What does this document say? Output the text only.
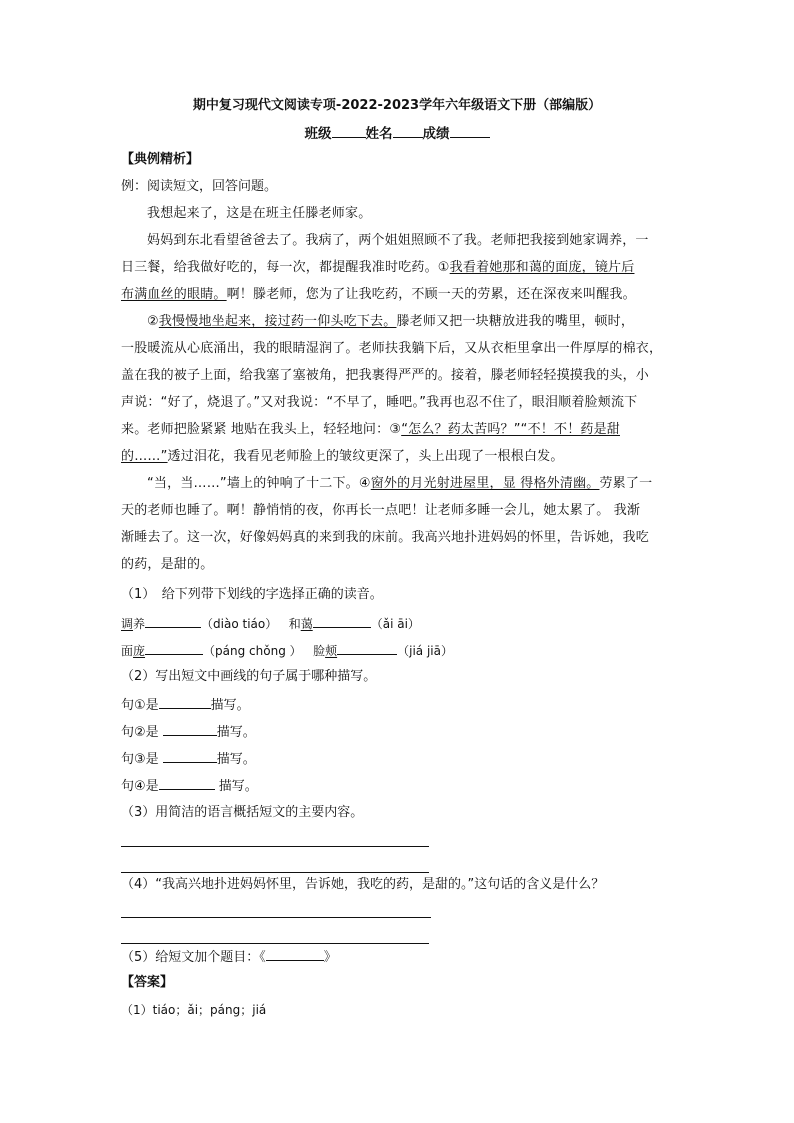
期中复习现代文阅读专项-2022-2023学年六年级语文下册（部编版）
班级	姓名 成绩
【典例精析】
例：阅读短文，回答问题。
我想起来了，这是在班主任滕老师家。
妈妈到东北看望爸爸去了。我病了，两个姐姐照顾不了我。老师把我接到她家调养，一
日三餐，给我做好吃的，每一次，都提醒我准时吃药。①我看着她那和蔼的面庞，镜片后
布满血丝的眼睛。啊！滕老师，您为了让我吃药，不顾一天的劳累，还在深夜来叫醒我。
②我慢慢地坐起来，接过药一仰头吃下去。滕老师又把一块糖放进我的嘴里，顿时，
一股暖流从心底涌出，我的眼睛湿润了。老师扶我躺下后，又从衣柜里拿出一件厚厚的棉衣，
盖在我的被子上面，给我塞了塞被角，把我裹得严严的。接着，滕老师轻轻摸摸我的头，小
声说：“好了，烧退了。”又对我说：“不早了，睡吧。”我再也忍不住了，眼泪顺着脸颊流下
来。老师把脸紧紧 地贴在我头上，轻轻地问：③“怎么？药太苦吗？”“不！不！药是甜
的……”透过泪花，我看见老师脸上的皱纹更深了，头上出现了一根根白发。
“当，当……”墙上的钟响了十二下。④窗外的月光射进屋里，显 得格外清幽。劳累了一
天的老师也睡了。啊！静悄悄的夜，你再长一点吧！让老师多睡一会儿，她太累了。 我渐
渐睡去了。这一次，好像妈妈真的来到我的床前。我高兴地扑进妈妈的怀里，告诉她，我吃
的药，是甜的。
（1）　给下列带下划线的字选择正确的读音。
调养	（diào tiáo） 和蔼	（ǎi āi）
面庞	（páng chǒng ） 脸颊	（jiá jiā）
（2）写出短文中画线的句子属于哪种描写。
句①是	描写。
句②是	描写。
句③是	描写。
句④是	描写。
（3）用简洁的语言概括短文的主要内容。
（4）“我高兴地扑进妈妈怀里，告诉她，我吃的药，是甜的。”这句话的含义是什么？
（5）给短文加个题目：《	》
【答案】
（1）tiáo；ǎi；páng；jiá
